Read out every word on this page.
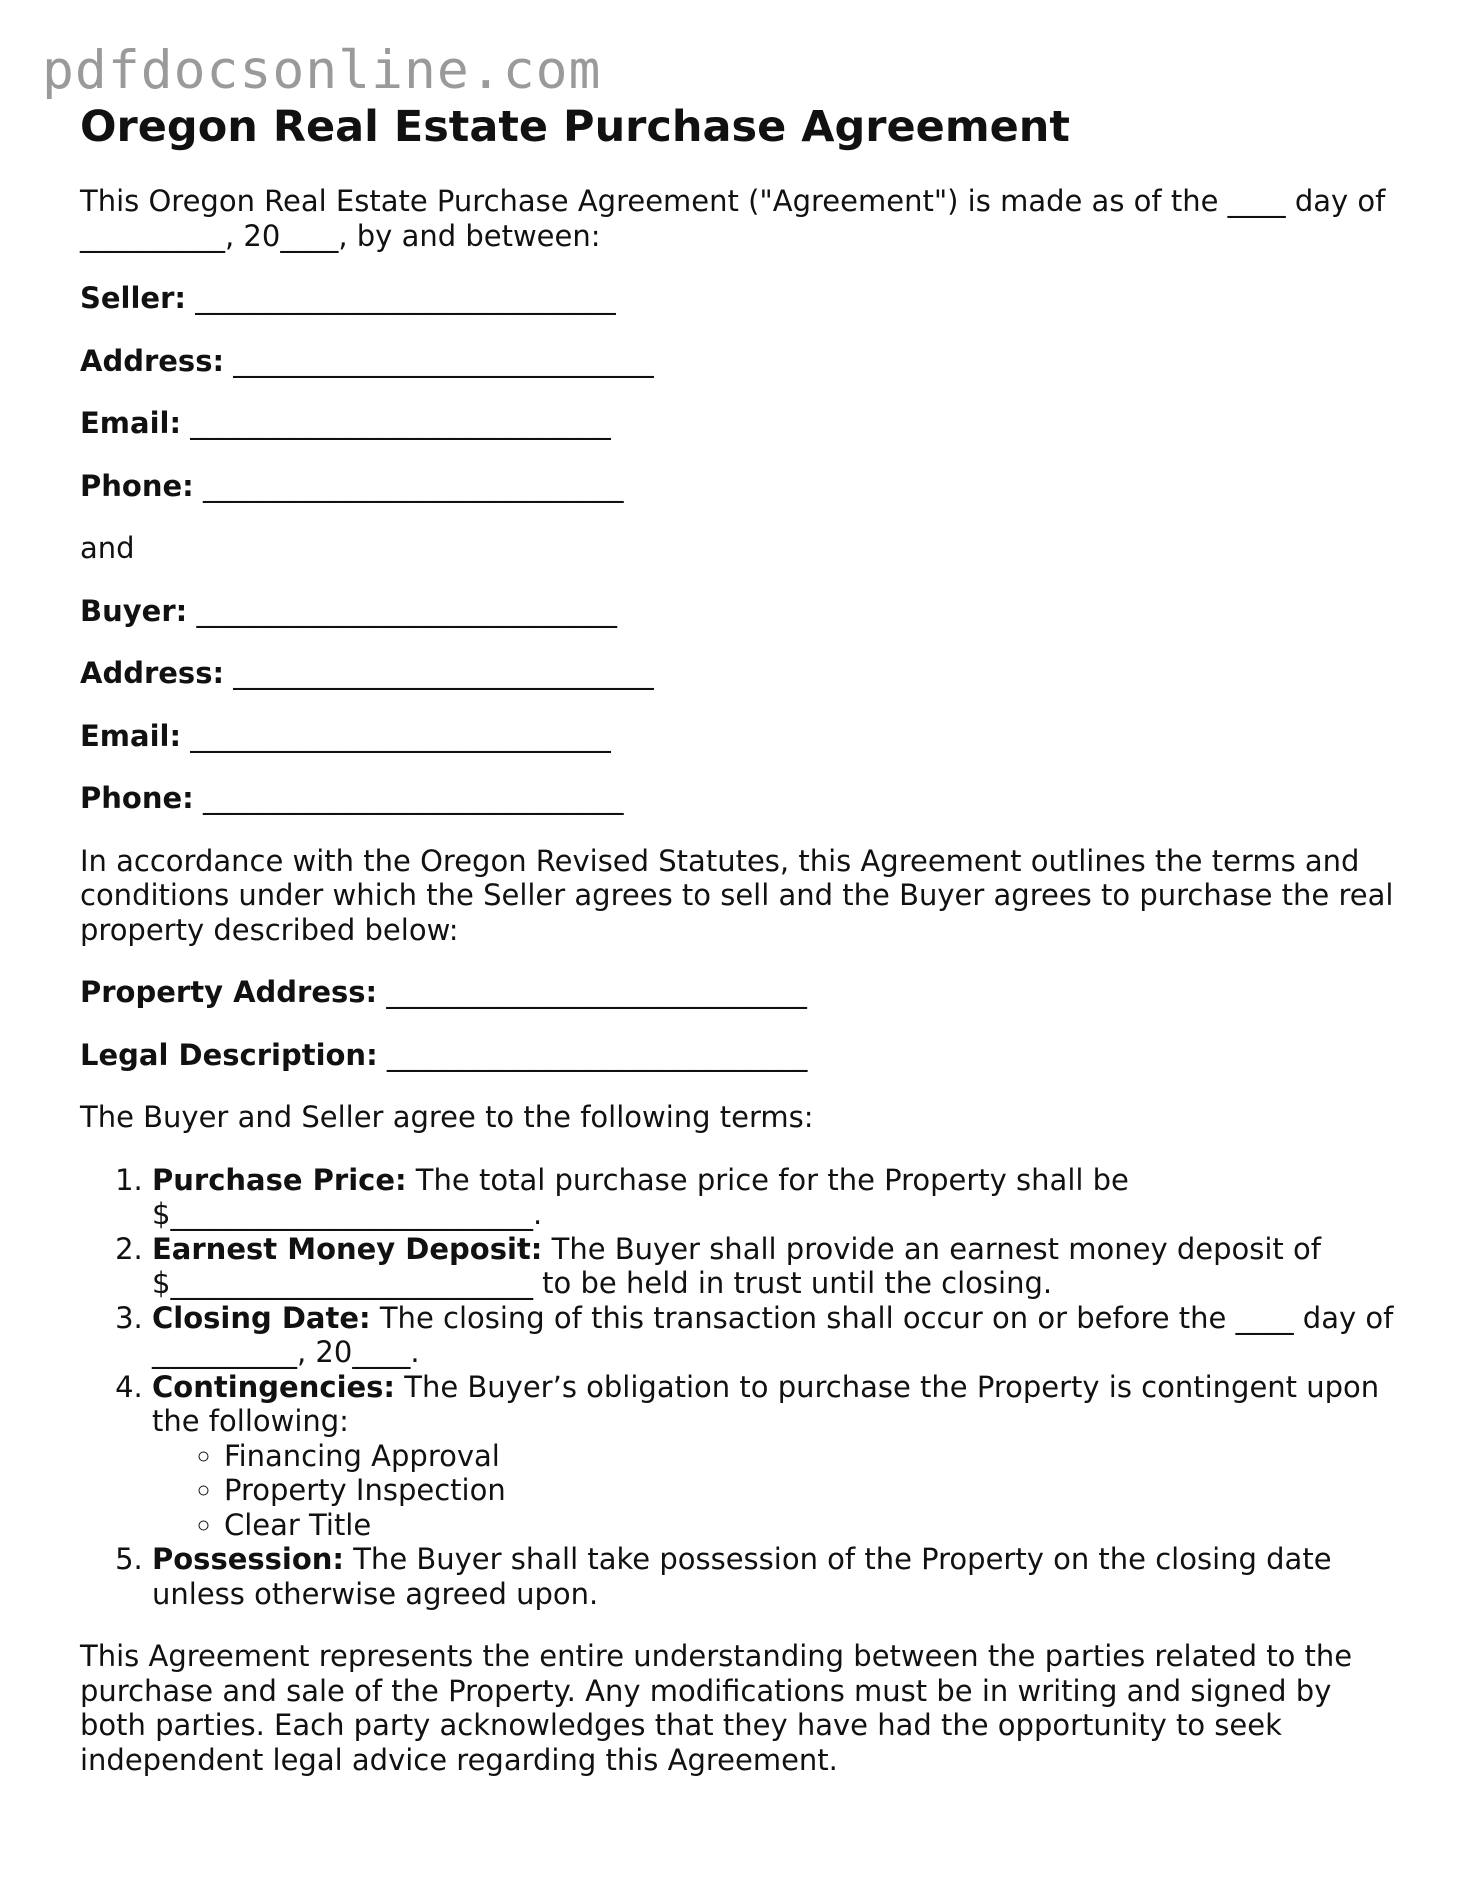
pdfdocsonline.com
Oregon Real Estate Purchase Agreement

This Oregon Real Estate Purchase Agreement ("Agreement") is made as of the ____ day of __________, 20____, by and between:

Seller: _____________________________

Address: _____________________________

Email: _____________________________

Phone: _____________________________

and

Buyer: _____________________________

Address: _____________________________

Email: _____________________________

Phone: _____________________________

In accordance with the Oregon Revised Statutes, this Agreement outlines the terms and conditions under which the Seller agrees to sell and the Buyer agrees to purchase the real property described below:

Property Address: _____________________________

Legal Description: _____________________________

The Buyer and Seller agree to the following terms:

1. Purchase Price: The total purchase price for the Property shall be $_________________________.
2. Earnest Money Deposit: The Buyer shall provide an earnest money deposit of $_________________________ to be held in trust until the closing.
3. Closing Date: The closing of this transaction shall occur on or before the ____ day of __________, 20____.
4. Contingencies: The Buyer’s obligation to purchase the Property is contingent upon the following:
◦ Financing Approval
◦ Property Inspection
◦ Clear Title
5. Possession: The Buyer shall take possession of the Property on the closing date unless otherwise agreed upon.

This Agreement represents the entire understanding between the parties related to the purchase and sale of the Property. Any modifications must be in writing and signed by both parties. Each party acknowledges that they have had the opportunity to seek independent legal advice regarding this Agreement.
